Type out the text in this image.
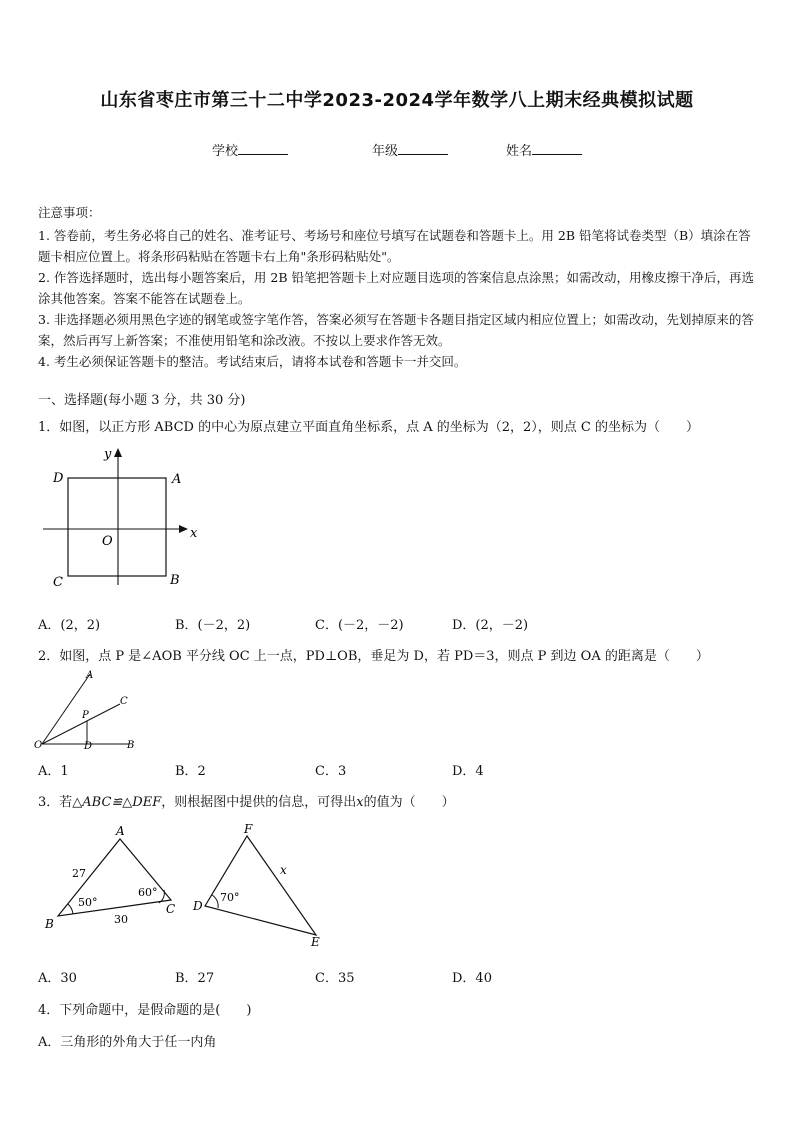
山东省枣庄市第三十二中学2023-2024学年数学八上期末经典模拟试题
学校	年级	姓名

注意事项：

1. 答卷前，考生务必将自己的姓名、准考证号、考场号和座位号填写在试题卷和答题卡上。用 2B 铅笔将试卷类型（B）填涂在答题卡相应位置上。将条形码粘贴在答题卡右上角"条形码粘贴处"。

2. 作答选择题时，选出每小题答案后，用 2B 铅笔把答题卡上对应题目选项的答案信息点涂黑；如需改动，用橡皮擦干净后，再选涂其他答案。答案不能答在试题卷上。

3. 非选择题必须用黑色字迹的钢笔或签字笔作答，答案必须写在答题卡各题目指定区域内相应位置上；如需改动，先划掉原来的答案，然后再写上新答案；不准使用铅笔和涂改液。不按以上要求作答无效。

4. 考生必须保证答题卡的整洁。考试结束后，请将本试卷和答题卡一并交回。

一、选择题(每小题 3 分，共 30 分)
1．如图，以正方形 ABCD 的中心为原点建立平面直角坐标系，点 A 的坐标为（2，2），则点 C 的坐标为（　　）
x
y
D	A
C	B
O
A．(2，2)	B．(－2，2)	C．(－2，－2)	D．(2，－2)
2．如图，点 P 是∠AOB 平分线 OC 上一点，PD⊥OB，垂足为 D，若 PD＝3，则点 P 到边 OA 的距离是（　　）
A
C
P
O	D	B
A．1	B．2	C．3	D．4
3．若△ABC≌△DEF，则根据图中提供的信息，可得出x的值为（　　）
A
B
C
27
30
50°
60°
F
D
E
x
70°
A．30	B．27	C．35	D．40
4．下列命题中，是假命题的是(　　)
A．三角形的外角大于任一内角
